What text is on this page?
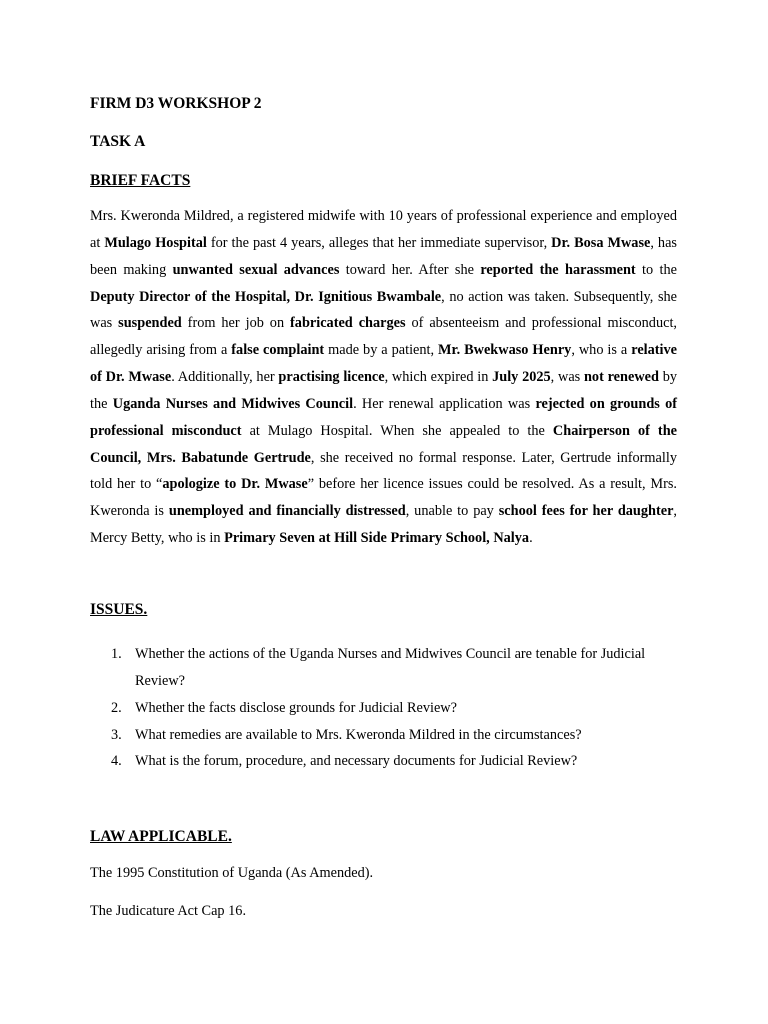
FIRM D3 WORKSHOP 2

TASK A

BRIEF FACTS

Mrs. Kweronda Mildred, a registered midwife with 10 years of professional experience and employed at Mulago Hospital for the past 4 years, alleges that her immediate supervisor, Dr. Bosa Mwase, has been making unwanted sexual advances toward her. After she reported the harassment to the Deputy Director of the Hospital, Dr. Ignitious Bwambale, no action was taken. Subsequently, she was suspended from her job on fabricated charges of absenteeism and professional misconduct, allegedly arising from a false complaint made by a patient, Mr. Bwekwaso Henry, who is a relative of Dr. Mwase. Additionally, her practising licence, which expired in July 2025, was not renewed by the Uganda Nurses and Midwives Council. Her renewal application was rejected on grounds of professional misconduct at Mulago Hospital. When she appealed to the Chairperson of the Council, Mrs. Babatunde Gertrude, she received no formal response. Later, Gertrude informally told her to “apologize to Dr. Mwase” before her licence issues could be resolved. As a result, Mrs. Kweronda is unemployed and financially distressed, unable to pay school fees for her daughter, Mercy Betty, who is in Primary Seven at Hill Side Primary School, Nalya.

ISSUES.

1. Whether the actions of the Uganda Nurses and Midwives Council are tenable for Judicial Review?
2. Whether the facts disclose grounds for Judicial Review?
3. What remedies are available to Mrs. Kweronda Mildred in the circumstances?
4. What is the forum, procedure, and necessary documents for Judicial Review?

LAW APPLICABLE.

The 1995 Constitution of Uganda (As Amended).

The Judicature Act Cap 16.
